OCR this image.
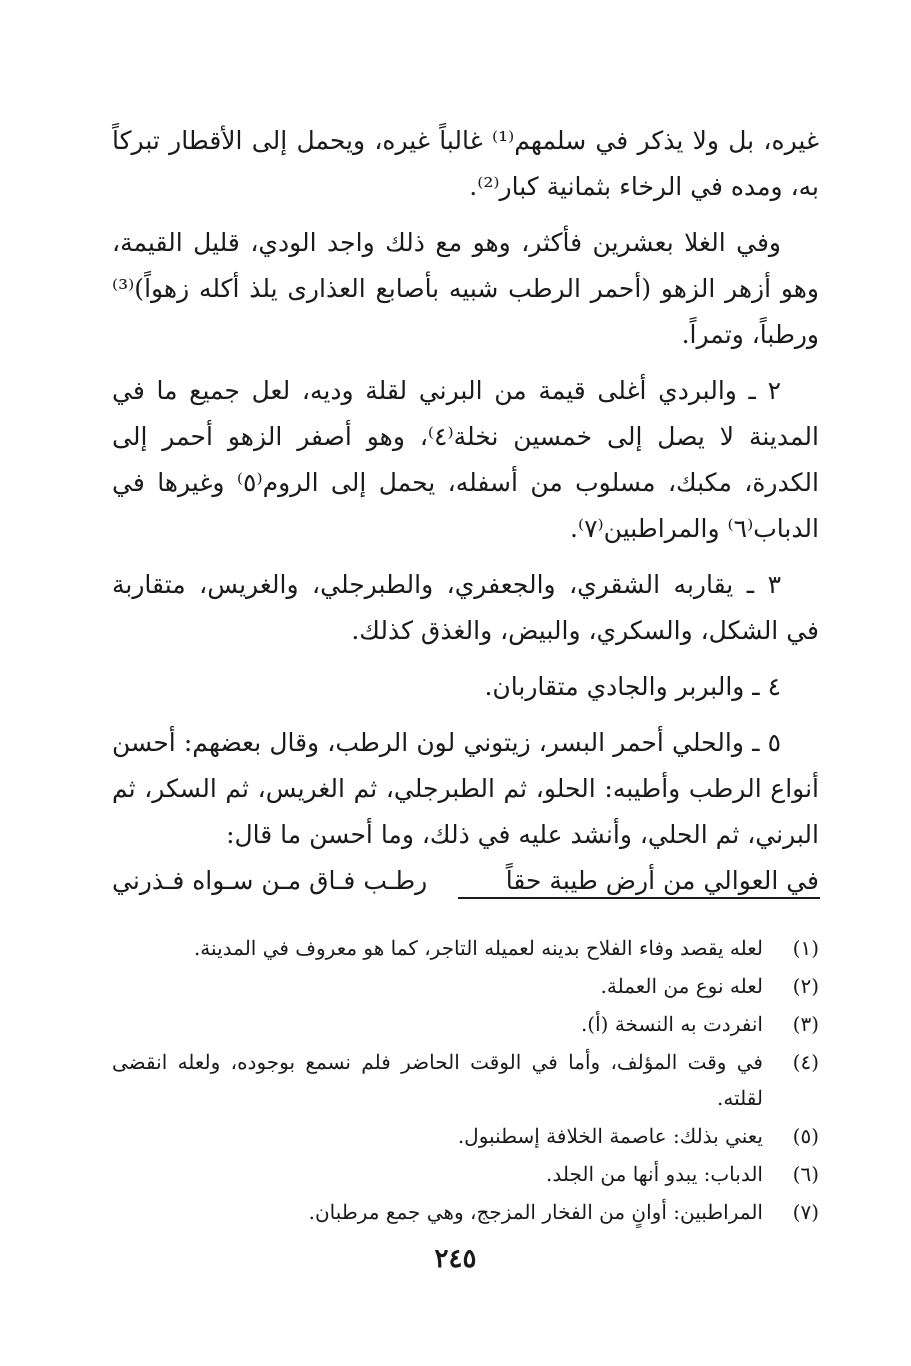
غيره، بل ولا يذكر في سلمهم⁽¹⁾ غالباً غيره، ويحمل إلى الأقطار تبركاً به، ومده في الرخاء بثمانية كبار⁽²⁾.

وفي الغلا بعشرين فأكثر، وهو مع ذلك واجد الودي، قليل القيمة، وهو أزهر الزهو (أحمر الرطب شبيه بأصابع العذارى يلذ أكله زهواً)⁽³⁾ ورطباً، وتمراً.

٢ ـ والبردي أغلى قيمة من البرني لقلة وديه، لعل جميع ما في المدينة لا يصل إلى خمسين نخلة⁽٤⁾، وهو أصفر الزهو أحمر إلى الكدرة، مكبك، مسلوب من أسفله، يحمل إلى الروم⁽٥⁾ وغيرها في الدباب⁽٦⁾ والمراطبين⁽٧⁾.

٣ ـ يقاربه الشقري، والجعفري، والطبرجلي، والغريس، متقاربة في الشكل، والسكري، والبيض، والغذق كذلك.

٤ ـ والبربر والجادي متقاربان.

٥ ـ والحلي أحمر البسر، زيتوني لون الرطب، وقال بعضهم: أحسن أنواع الرطب وأطيبه: الحلو، ثم الطبرجلي، ثم الغريس، ثم السكر، ثم البرني، ثم الحلي، وأنشد عليه في ذلك، وما أحسن ما قال:

في العوالي من أرض طيبة حقاً
رطـب فـاق مـن سـواه فـذرني
(١)
لعله يقصد وفاء الفلاح بدينه لعميله التاجر، كما هو معروف في المدينة.
(٢)
لعله نوع من العملة.
(٣)
انفردت به النسخة (أ).
(٤)
في وقت المؤلف، وأما في الوقت الحاضر فلم نسمع بوجوده، ولعله انقضى لقلته.
(٥)
يعني بذلك: عاصمة الخلافة إسطنبول.
(٦)
الدباب: يبدو أنها من الجلد.
(٧)
المراطبين: أوانٍ من الفخار المزجج، وهي جمع مرطبان.
٢٤٥
